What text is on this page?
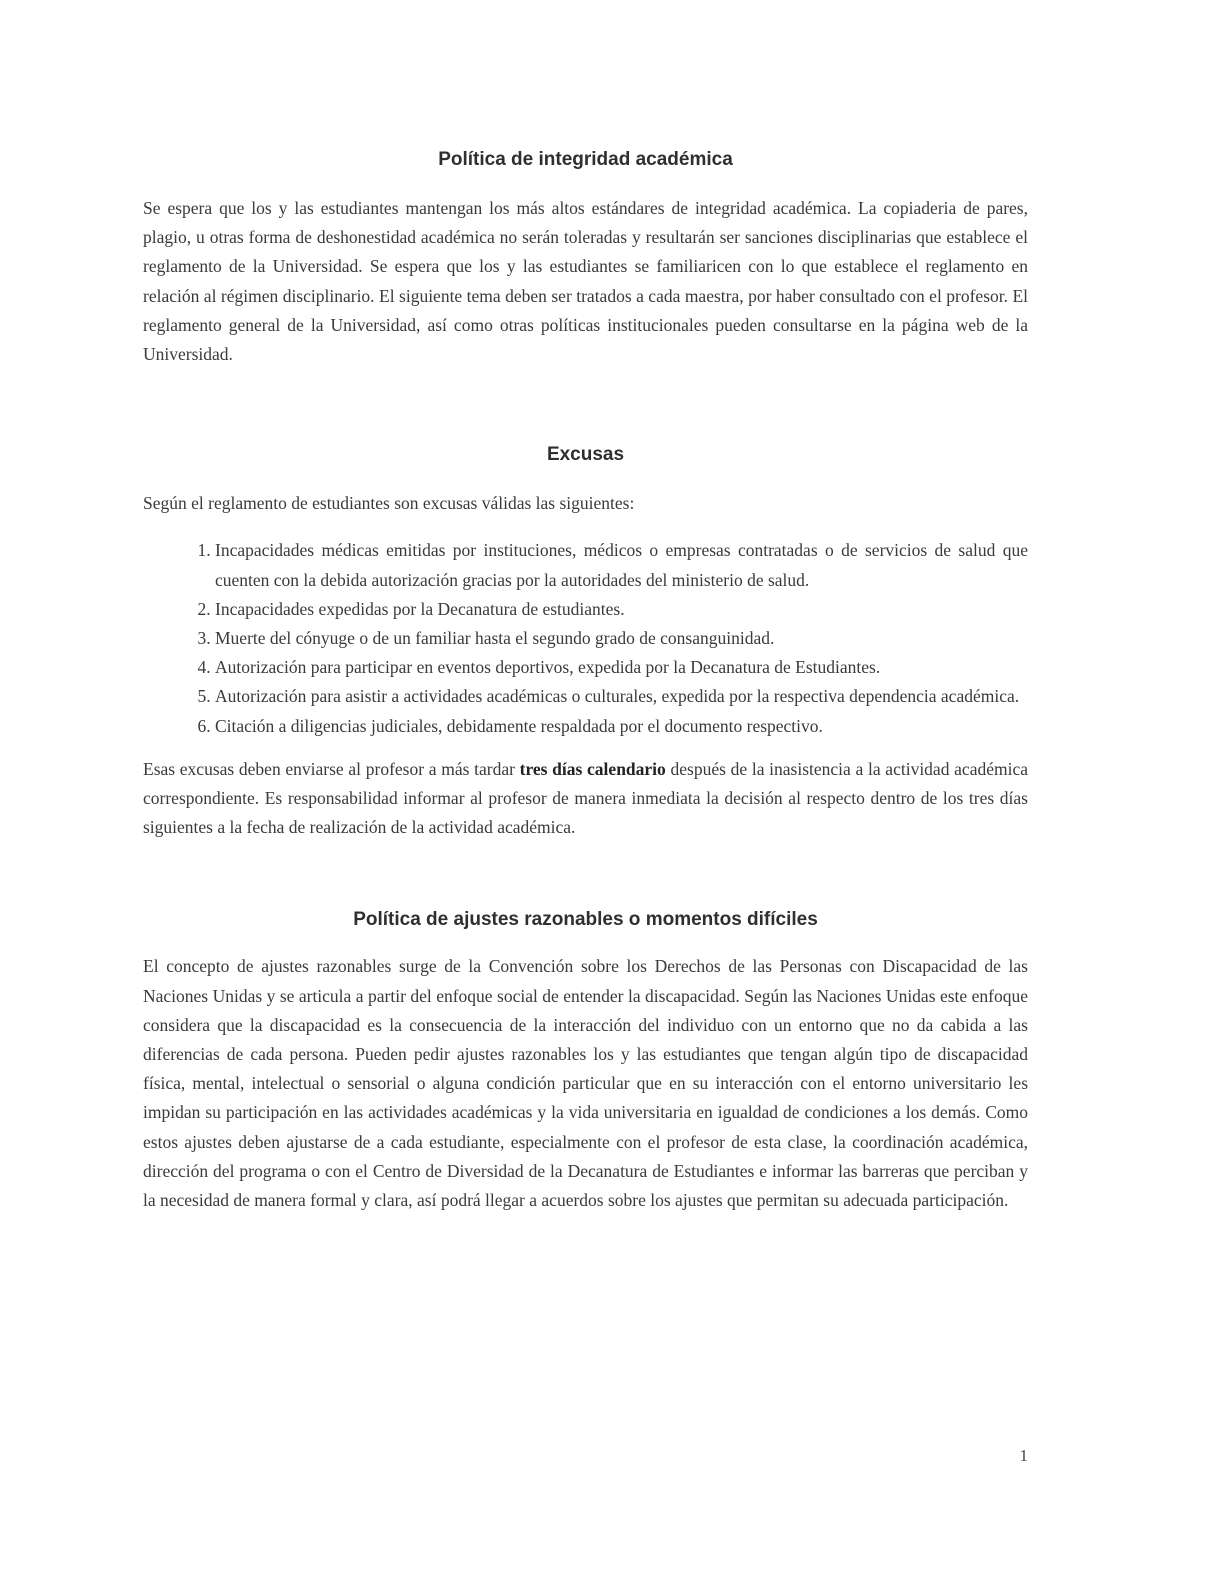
Política de integridad académica

Se espera que los y las estudiantes mantengan los más altos estándares de integridad académica. La copiaderia de pares, plagio, u otras forma de deshonestidad académica no serán toleradas y resultarán ser sanciones disciplinarias que establece el reglamento de la Universidad. Se espera que los y las estudiantes se familiaricen con lo que establece el reglamento en relación al régimen disciplinario. El siguiente tema deben ser tratados a cada maestra, por haber consultado con el profesor. El reglamento general de la Universidad, así como otras políticas institucionales pueden consultarse en la página web de la Universidad.

Excusas

Según el reglamento de estudiantes son excusas válidas las siguientes:

1. Incapacidades médicas emitidas por instituciones, médicos o empresas contratadas o de servicios de salud que cuenten con la debida autorización gracias por la autoridades del ministerio de salud.
2. Incapacidades expedidas por la Decanatura de estudiantes.
3. Muerte del cónyuge o de un familiar hasta el segundo grado de consanguinidad.
4. Autorización para participar en eventos deportivos, expedida por la Decanatura de Estudiantes.
5. Autorización para asistir a actividades académicas o culturales, expedida por la respectiva dependencia académica.
6. Citación a diligencias judiciales, debidamente respaldada por el documento respectivo.

Esas excusas deben enviarse al profesor a más tardar tres días calendario después de la inasistencia a la actividad académica correspondiente. Es responsabilidad informar al profesor de manera inmediata la decisión al respecto dentro de los tres días siguientes a la fecha de realización de la actividad académica.

Política de ajustes razonables o momentos difíciles

El concepto de ajustes razonables surge de la Convención sobre los Derechos de las Personas con Discapacidad de las Naciones Unidas y se articula a partir del enfoque social de entender la discapacidad. Según las Naciones Unidas este enfoque considera que la discapacidad es la consecuencia de la interacción del individuo con un entorno que no da cabida a las diferencias de cada persona. Pueden pedir ajustes razonables los y las estudiantes que tengan algún tipo de discapacidad física, mental, intelectual o sensorial o alguna condición particular que en su interacción con el entorno universitario les impidan su participación en las actividades académicas y la vida universitaria en igualdad de condiciones a los demás. Como estos ajustes deben ajustarse de a cada estudiante, especialmente con el profesor de esta clase, la coordinación académica, dirección del programa o con el Centro de Diversidad de la Decanatura de Estudiantes e informar las barreras que perciban y la necesidad de manera formal y clara, así podrá llegar a acuerdos sobre los ajustes que permitan su adecuada participación.

1
